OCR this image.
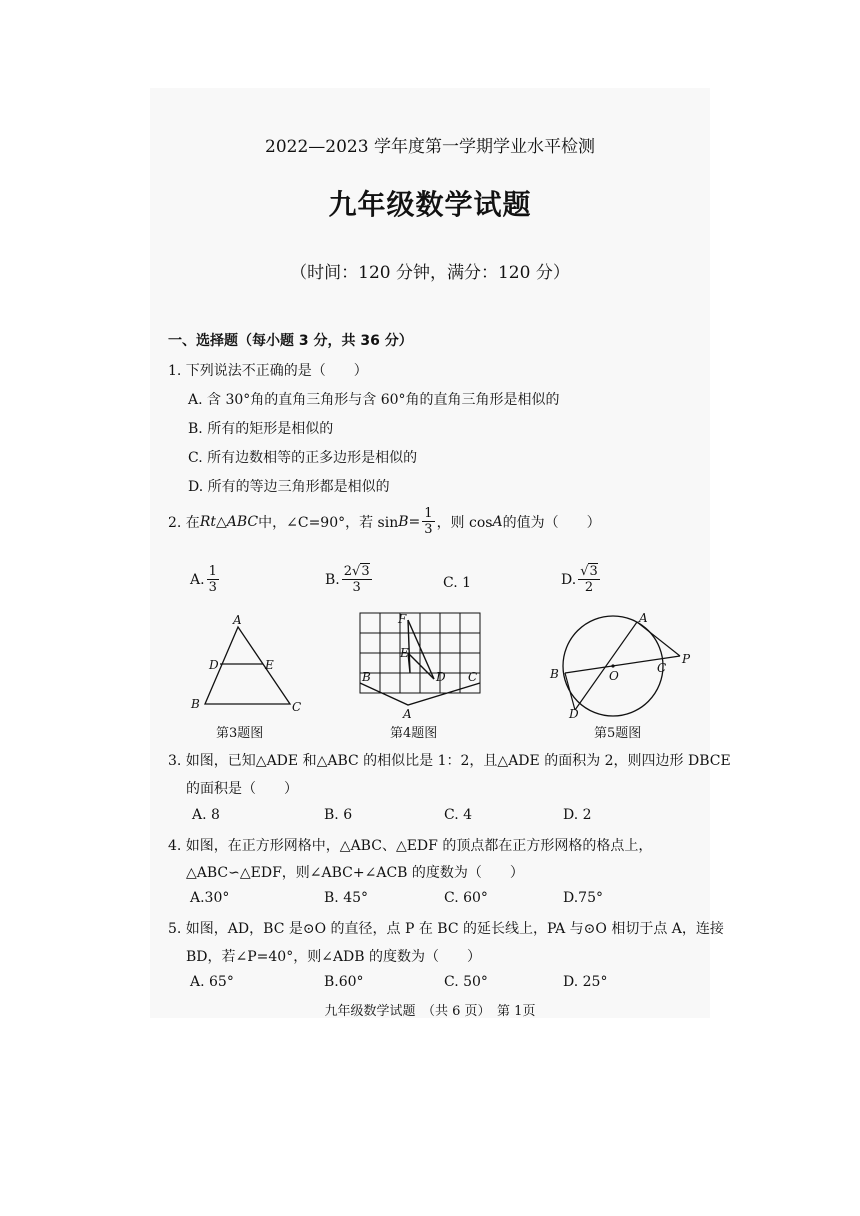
2022—2023 学年度第一学期学业水平检测
九年级数学试题
（时间：120 分钟，满分：120 分）
一、选择题（每小题 3 分，共 36 分）
1. 下列说法不正确的是（　　）
A. 含 30°角的直角三角形与含 60°角的直角三角形是相似的
B. 所有的矩形是相似的
C. 所有边数相等的正多边形是相似的
D. 所有的等边三角形都是相似的
2. 在 Rt △ABC 中，∠C=90°，若 $\sin B = \frac{1}{3}$ ，则 cos A 的值为（　　）
A. $\frac{1}{3}$	B. $\frac{2√3}{3}$	C. 1	D. $\frac{√3}{2}$
A
D	E
B	C
第3题图
F
E
B	D C
A
第4题图
A
B	O
C
P
D
第5题图
3. 如图，已知△ADE 和△ABC 的相似比是 1：2，且△ADE 的面积为 2，则四边形 DBCE
的面积是（　　）
A. 8	B. 6	C. 4	D. 2
4. 如图，在正方形网格中，△ABC、△EDF 的顶点都在正方形网格的格点上，
△ABC∽△EDF，则∠ABC+∠ACB 的度数为（　　）
A.30°	B. 45°	C. 60°	D.75°
5. 如图，AD，BC 是⊙O 的直径，点 P 在 BC 的延长线上，PA 与⊙O 相切于点 A，连接
BD，若∠P=40°，则∠ADB 的度数为（　　）
A. 65°	B.60°	C. 50°	D. 25°
九年级数学试题　（共 6 页）　第 1页
